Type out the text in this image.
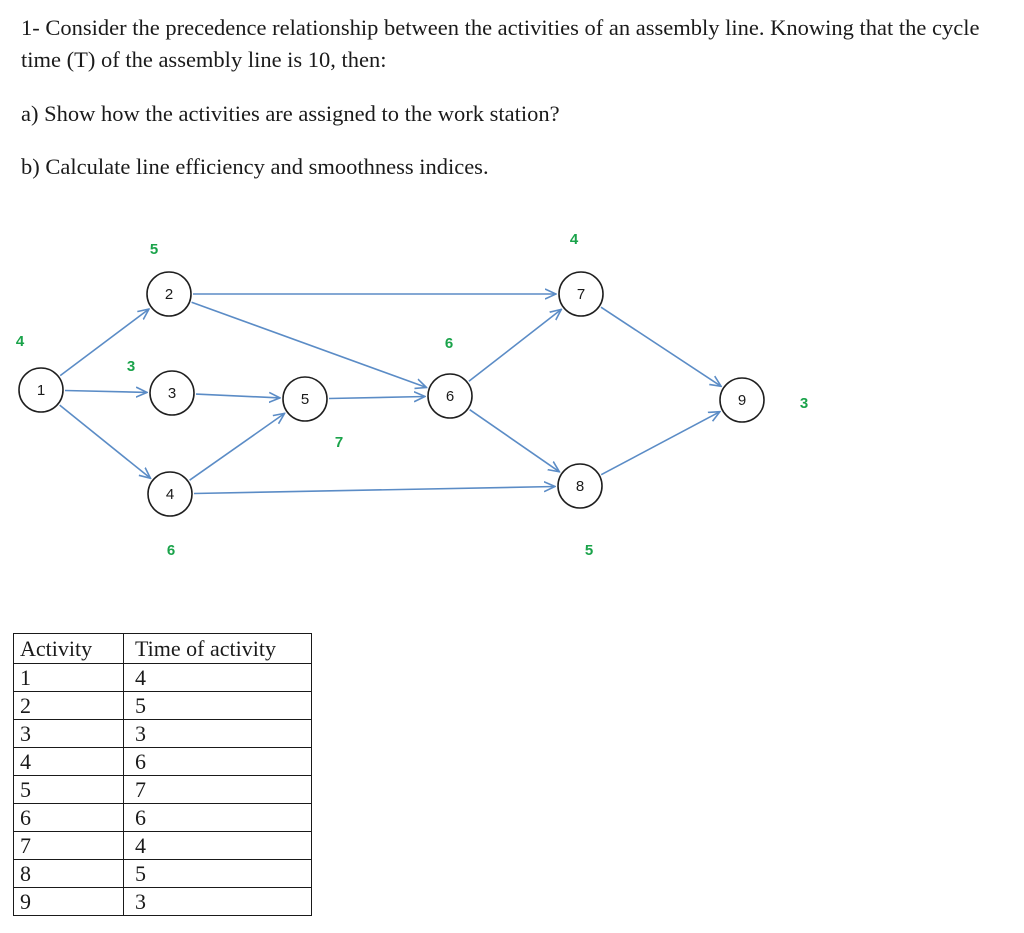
1- Consider the precedence relationship between the activities of an assembly line. Knowing that the cycle time (T) of the assembly line is 10, then:

a) Show how the activities are assigned to the work station?

b) Calculate line efficiency and smoothness indices.

1
2
3
4
5	6
7
8
9
4
5
3
6
7
6
4
5
3
Activity	Time of activity
1	4
2	5
3	3
4	6
5	7
6	6
7	4
8	5
9	3
